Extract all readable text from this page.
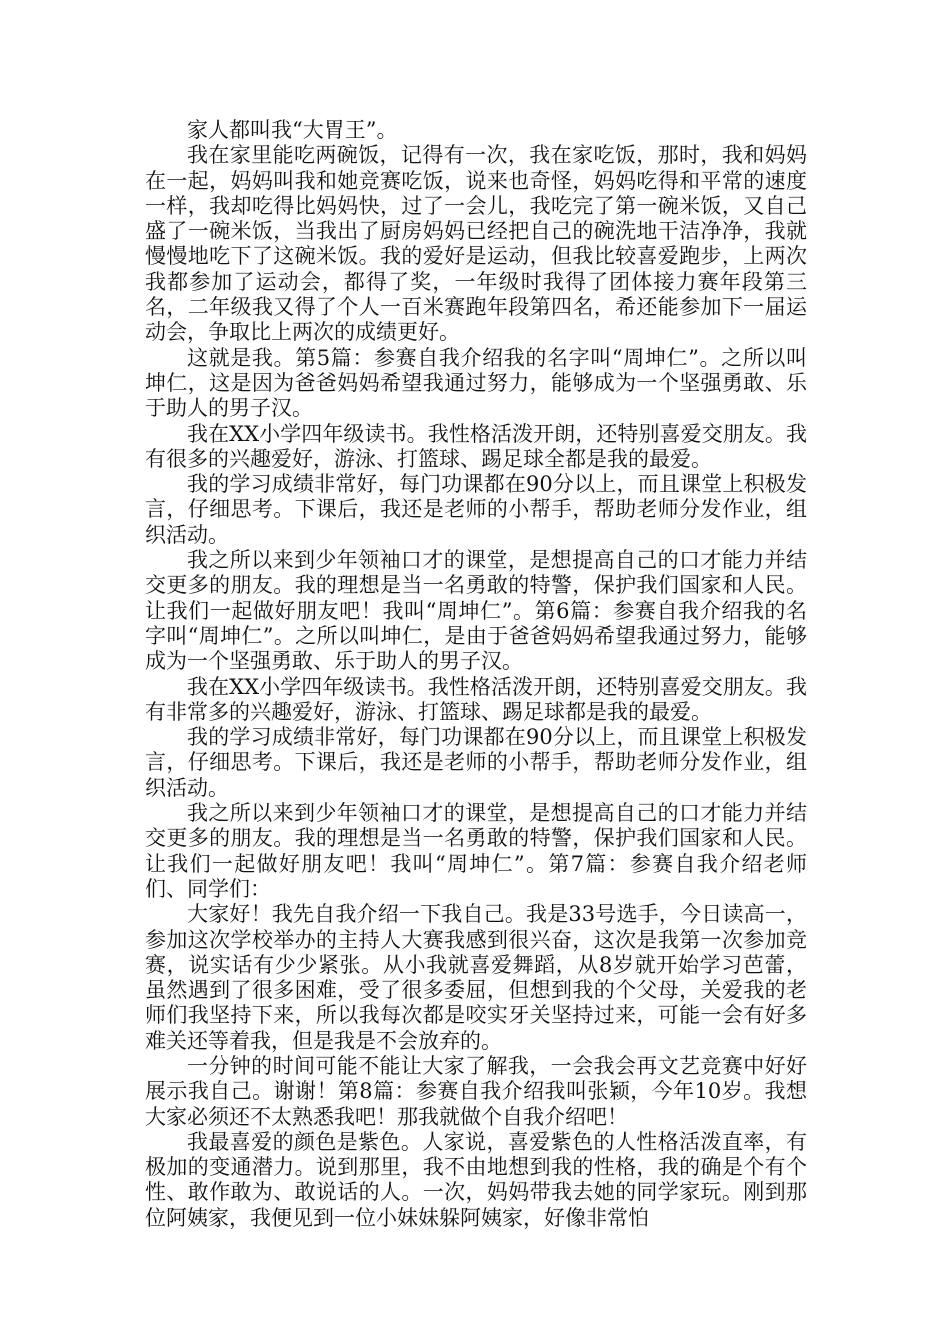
家人都叫我“大胃王”。

我在家里能吃两碗饭，记得有一次，我在家吃饭，那时，我和妈妈在一起，妈妈叫我和她竞赛吃饭，说来也奇怪，妈妈吃得和平常的速度一样，我却吃得比妈妈快，过了一会儿，我吃完了第一碗米饭，又自己盛了一碗米饭，当我出了厨房妈妈已经把自己的碗洗地干洁净净，我就慢慢地吃下了这碗米饭。我的爱好是运动，但我比较喜爱跑步，上两次我都参加了运动会，都得了奖，一年级时我得了团体接力赛年段第三名，二年级我又得了个人一百米赛跑年段第四名，希还能参加下一届运动会，争取比上两次的成绩更好。

这就是我。第5篇：参赛自我介绍我的名字叫“周坤仁”。之所以叫坤仁，这是因为爸爸妈妈希望我通过努力，能够成为一个坚强勇敢、乐于助人的男子汉。

我在XX小学四年级读书。我性格活泼开朗，还特别喜爱交朋友。我有很多的兴趣爱好，游泳、打篮球、踢足球全都是我的最爱。

我的学习成绩非常好，每门功课都在90分以上，而且课堂上积极发言，仔细思考。下课后，我还是老师的小帮手，帮助老师分发作业，组织活动。

我之所以来到少年领袖口才的课堂，是想提高自己的口才能力并结交更多的朋友。我的理想是当一名勇敢的特警，保护我们国家和人民。让我们一起做好朋友吧！我叫“周坤仁”。第6篇：参赛自我介绍我的名字叫“周坤仁”。之所以叫坤仁，是由于爸爸妈妈希望我通过努力，能够成为一个坚强勇敢、乐于助人的男子汉。

我在XX小学四年级读书。我性格活泼开朗，还特别喜爱交朋友。我有非常多的兴趣爱好，游泳、打篮球、踢足球都是我的最爱。

我的学习成绩非常好，每门功课都在90分以上，而且课堂上积极发言，仔细思考。下课后，我还是老师的小帮手，帮助老师分发作业，组织活动。

我之所以来到少年领袖口才的课堂，是想提高自己的口才能力并结交更多的朋友。我的理想是当一名勇敢的特警，保护我们国家和人民。让我们一起做好朋友吧！我叫“周坤仁”。第7篇：参赛自我介绍老师们、同学们：

大家好！我先自我介绍一下我自己。我是33号选手，今日读高一，参加这次学校举办的主持人大赛我感到很兴奋，这次是我第一次参加竞赛，说实话有少少紧张。从小我就喜爱舞蹈，从8岁就开始学习芭蕾，虽然遇到了很多困难，受了很多委屈，但想到我的个父母，关爱我的老师们我坚持下来，所以我每次都是咬实牙关坚持过来，可能一会有好多难关还等着我，但是我是不会放弃的。

一分钟的时间可能不能让大家了解我，一会我会再文艺竞赛中好好展示我自己。谢谢！第8篇：参赛自我介绍我叫张颖，今年10岁。我想大家必须还不太熟悉我吧！那我就做个自我介绍吧！

我最喜爱的颜色是紫色。人家说，喜爱紫色的人性格活泼直率，有极加的变通潜力。说到那里，我不由地想到我的性格，我的确是个有个性、敢作敢为、敢说话的人。一次，妈妈带我去她的同学家玩。刚到那位阿姨家，我便见到一位小妹妹躲阿姨家，好像非常怕
